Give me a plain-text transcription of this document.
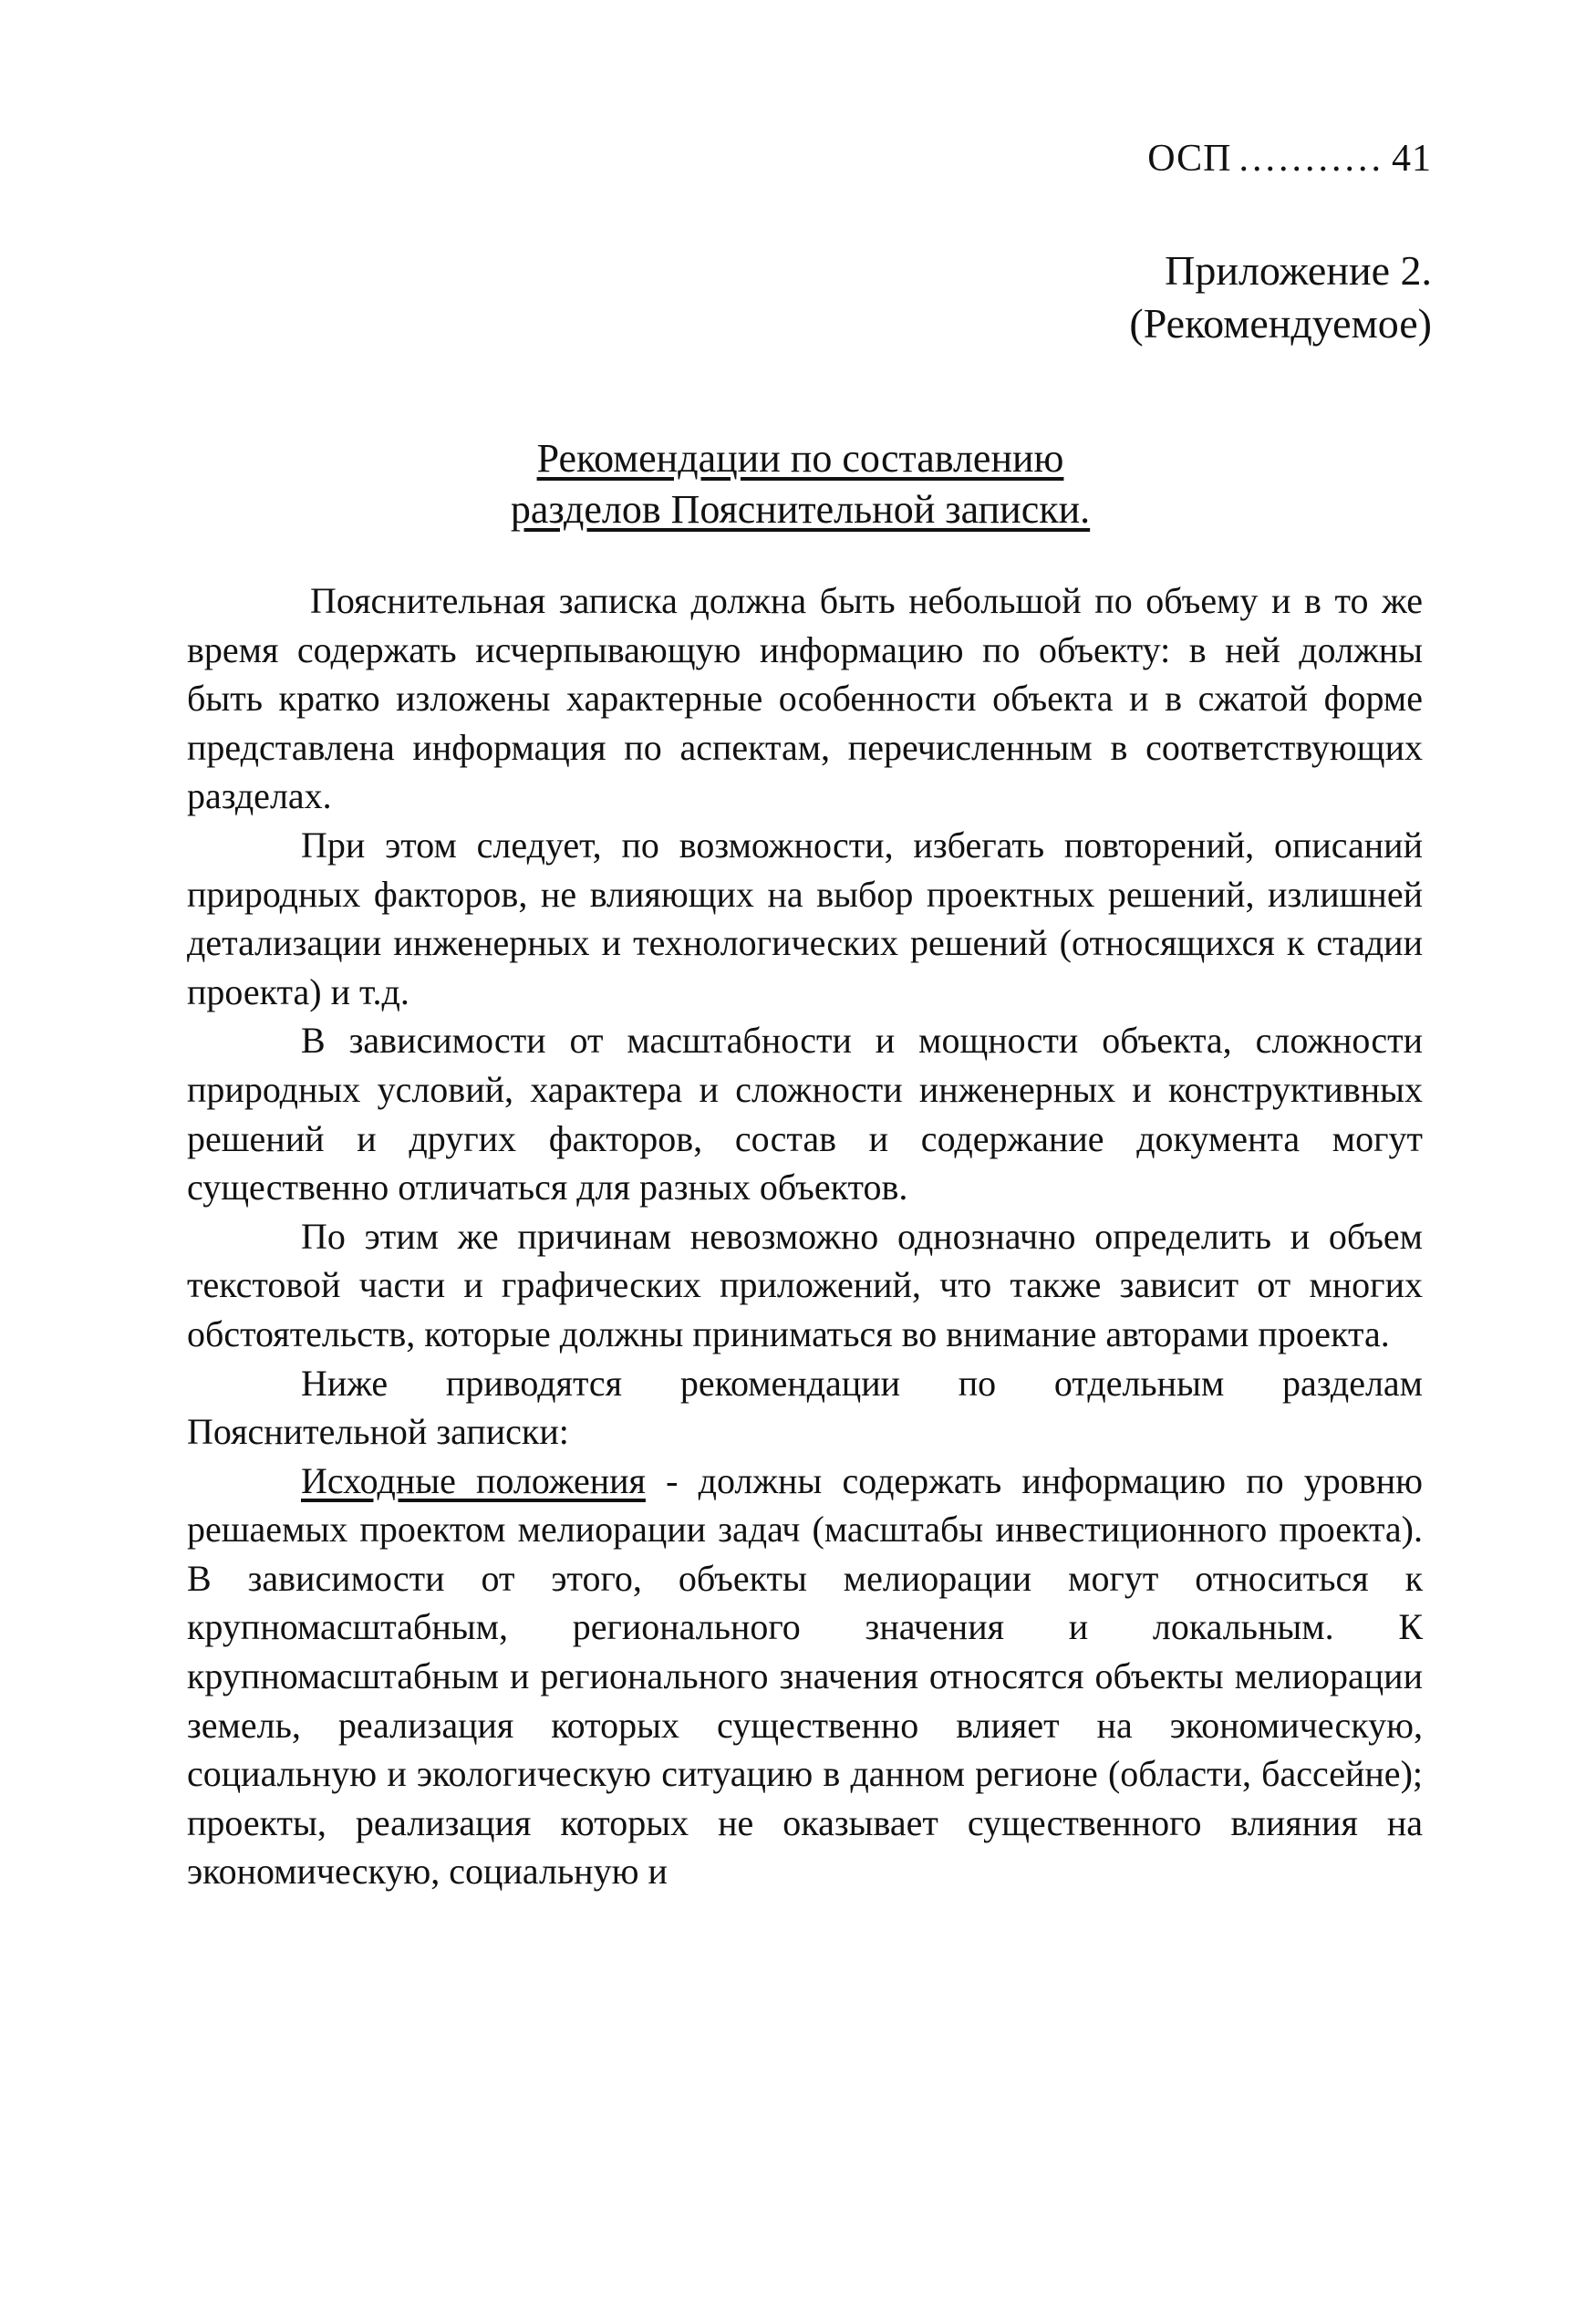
ОСП ........... 41
Приложение 2.
(Рекомендуемое)
Рекомендации по составлению
разделов Пояснительной записки.

Пояснительная записка должна быть небольшой по объему и в то же время содержать исчерпывающую информацию по объекту: в ней должны быть кратко изложены характерные особенности объекта и в сжатой форме представлена информация по аспектам, перечисленным в соответствующих разделах.

При этом следует, по возможности, избегать повторений, описаний природных факторов, не влияющих на выбор проектных решений, излишней детализации инженерных и технологических решений (относящихся к стадии проекта) и т.д.

В зависимости от масштабности и мощности объекта, сложности природных условий, характера и сложности инженерных и конструктивных решений и других факторов, состав и содержание документа могут существенно отличаться для разных объектов.

По этим же причинам невозможно однозначно определить и объем текстовой части и графических приложений, что также зависит от многих обстоятельств, которые должны приниматься во внимание авторами проекта.

Ниже приводятся рекомендации по отдельным разделам Пояснительной записки:

Исходные положения - должны содержать информацию по уровню решаемых проектом мелиорации задач (масштабы инвестиционного проекта). В зависимости от этого, объекты мелиорации могут относиться к крупномасштабным, регионального значения и локальным. К крупномасштабным и регионального значения относятся объекты мелиорации земель, реализация которых существенно влияет на экономическую, социальную и экологическую ситуацию в данном регионе (области, бассейне); проекты, реализация которых не оказывает существенного влияния на экономическую, социальную и
